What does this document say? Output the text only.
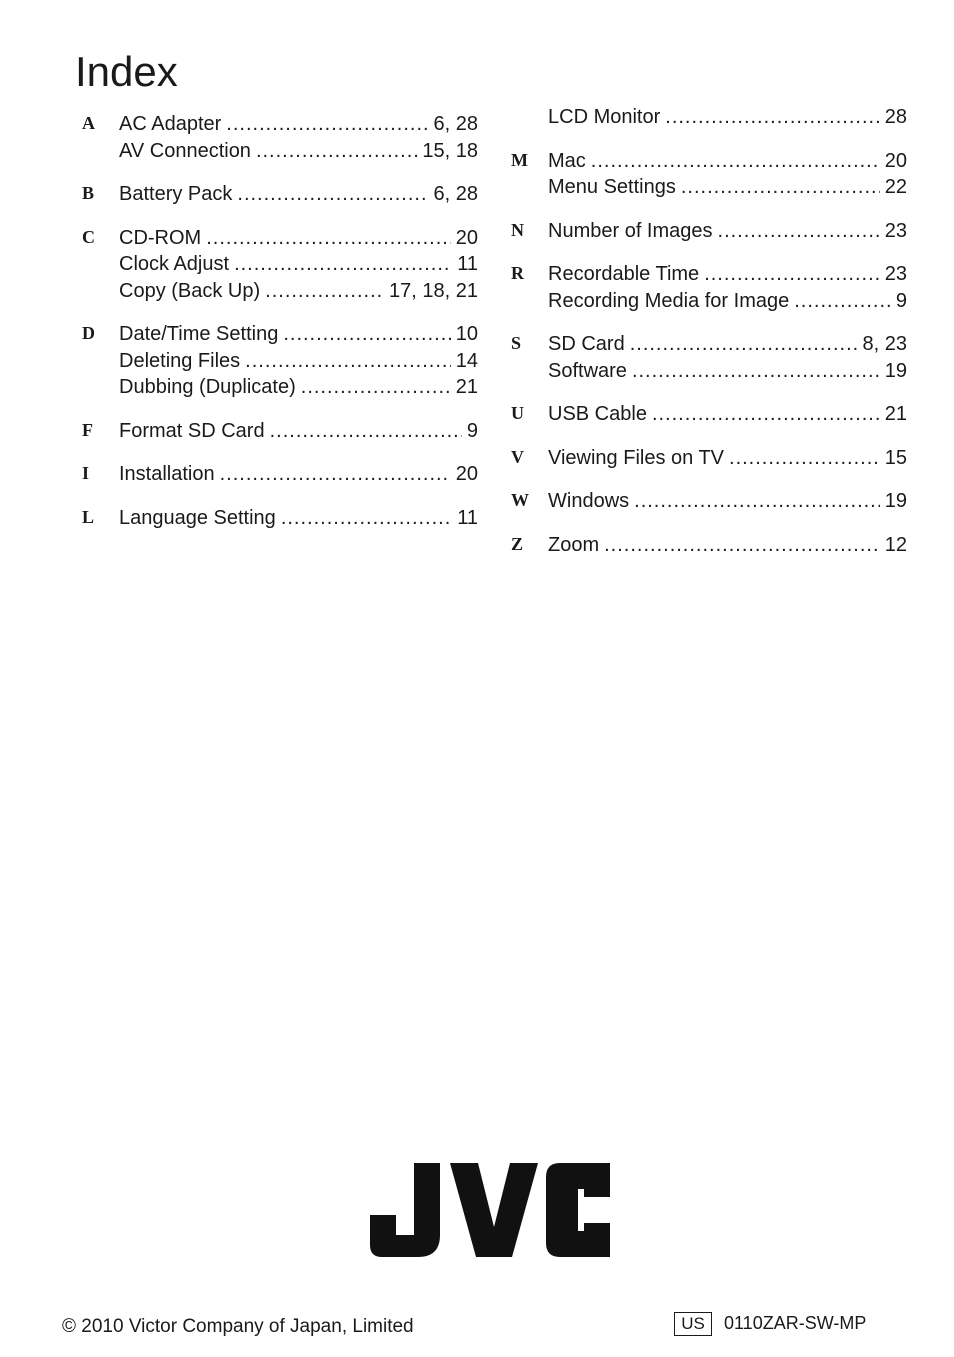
Index
A AC Adapter .....	6, 28
AV Connection .....	15, 18
B Battery Pack .....	6, 28
C CD-ROM .....	20
Clock Adjust .....	11
Copy (Back Up) .....	17, 18, 21
D Date/Time Setting .....	10
Deleting Files .....	14
Dubbing (Duplicate) .....	21
F Format SD Card .....	9
I Installation .....	20
L Language Setting .....	11
LCD Monitor .....	28
M Mac .....	20
Menu Settings .....	22
N Number of Images .....	23
R Recordable Time .....	23
Recording Media for Image .....	9
S SD Card .....	8, 23
Software .....	19
U USB Cable .....	21
V Viewing Files on TV .....	15
W Windows .....	19
Z Zoom .....	12
© 2010 Victor Company of Japan, Limited	US	0110ZAR-SW-MP
